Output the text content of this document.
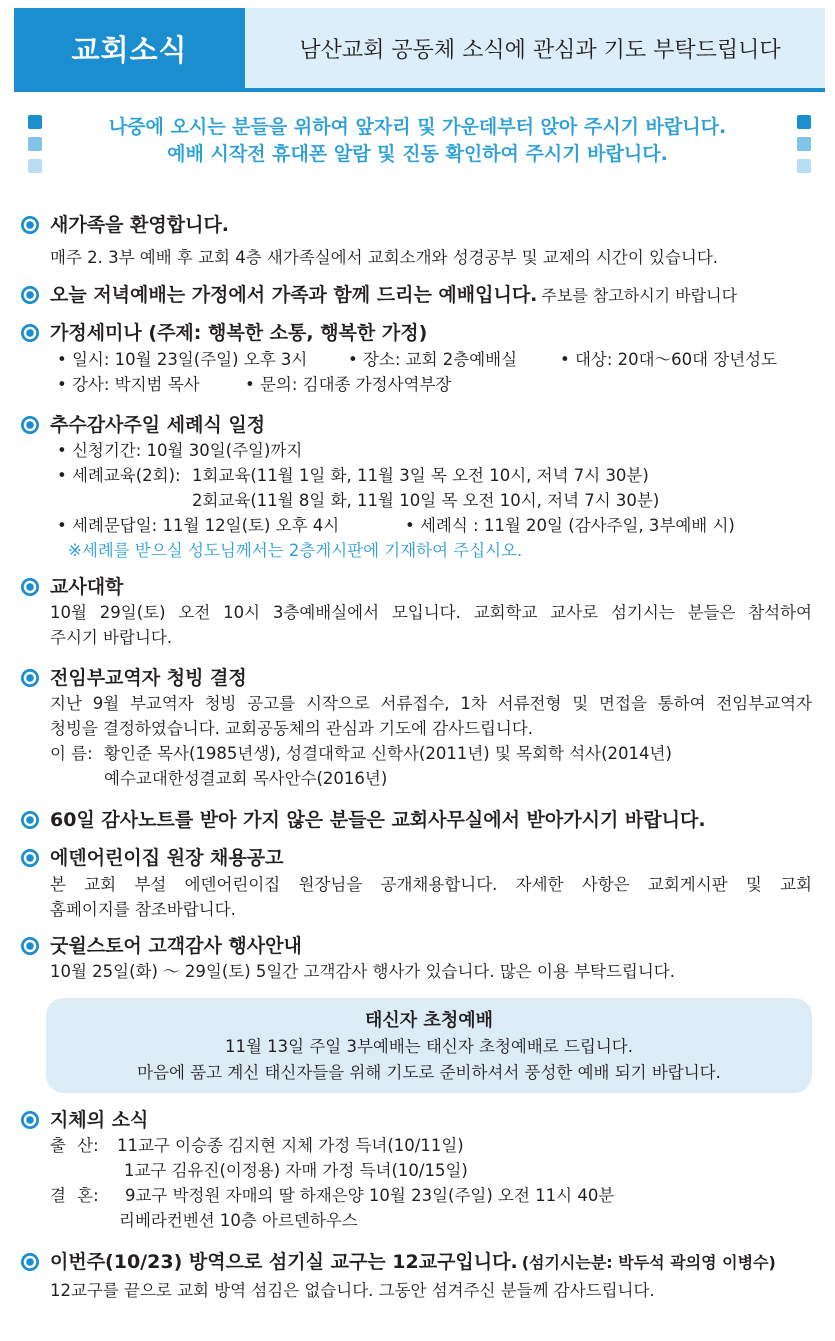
교회소식	남산교회 공동체 소식에 관심과 기도 부탁드립니다
나중에 오시는 분들을 위하여 앞자리 및 가운데부터 앉아 주시기 바랍니다.
예배 시작전 휴대폰 알람 및 진동 확인하여 주시기 바랍니다.
새가족을 환영합니다.
매주 2. 3부 예배 후 교회 4층 새가족실에서 교회소개와 성경공부 및 교제의 시간이 있습니다.
오늘 저녁예배는 가정에서 가족과 함께 드리는 예배입니다. 주보를 참고하시기 바랍니다
가정세미나 (주제: 행복한 소통, 행복한 가정)
• 일시: 10월 23일(주일) 오후 3시 • 장소: 교회 2층예배실	• 대상: 20대～60대 장년성도
• 강사: 박지범 목사	• 문의: 김대종 가정사역부장
추수감사주일 세례식 일정
• 신청기간: 10월 30일(주일)까지
• 세례교육(2회): 1회교육(11월 1일 화, 11월 3일 목 오전 10시, 저녁 7시 30분)
2회교육(11월 8일 화, 11월 10일 목 오전 10시, 저녁 7시 30분)
• 세례문답일: 11월 12일(토) 오후 4시	• 세례식 : 11월 20일 (감사주일, 3부예배 시)
※세례를 받으실 성도님께서는 2층게시판에 기재하여 주십시오.
교사대학
10월 29일(토) 오전 10시 3층예배실에서 모입니다. 교회학교 교사로 섬기시는 분들은 참석하여
주시기 바랍니다.
전임부교역자 청빙 결정
지난 9월 부교역자 청빙 공고를 시작으로 서류접수, 1차 서류전형 및 면접을 통하여 전임부교역자
청빙을 결정하였습니다. 교회공동체의 관심과 기도에 감사드립니다.
이 름: 황인준 목사(1985년생), 성결대학교 신학사(2011년) 및 목회학 석사(2014년)
예수교대한성결교회 목사안수(2016년)
60일 감사노트를 받아 가지 않은 분들은 교회사무실에서 받아가시기 바랍니다.
에덴어린이집 원장 채용공고
본 교회 부설 에덴어린이집 원장님을 공개채용합니다. 자세한 사항은 교회게시판 및 교회
홈페이지를 참조바랍니다.
굿윌스토어 고객감사 행사안내
10월 25일(화) ～ 29일(토) 5일간 고객감사 행사가 있습니다. 많은 이용 부탁드립니다.
태신자 초청예배
11월 13일 주일 3부예배는 태신자 초청예배로 드립니다.
마음에 품고 계신 태신자들을 위해 기도로 준비하셔서 풍성한 예배 되기 바랍니다.
지체의 소식
출 산: 11교구 이승종 김지현 지체 가정 득녀(10/11일)
1교구 김유진(이정용) 자매 가정 득녀(10/15일)
결 혼: 9교구 박정원 자매의 딸 하재은양 10월 23일(주일) 오전 11시 40분
리베라컨벤션 10층 아르덴하우스
이번주(10/23) 방역으로 섬기실 교구는 12교구입니다. (섬기시는분: 박두석 곽의영 이병수)
12교구를 끝으로 교회 방역 섬김은 없습니다. 그동안 섬겨주신 분들께 감사드립니다.
